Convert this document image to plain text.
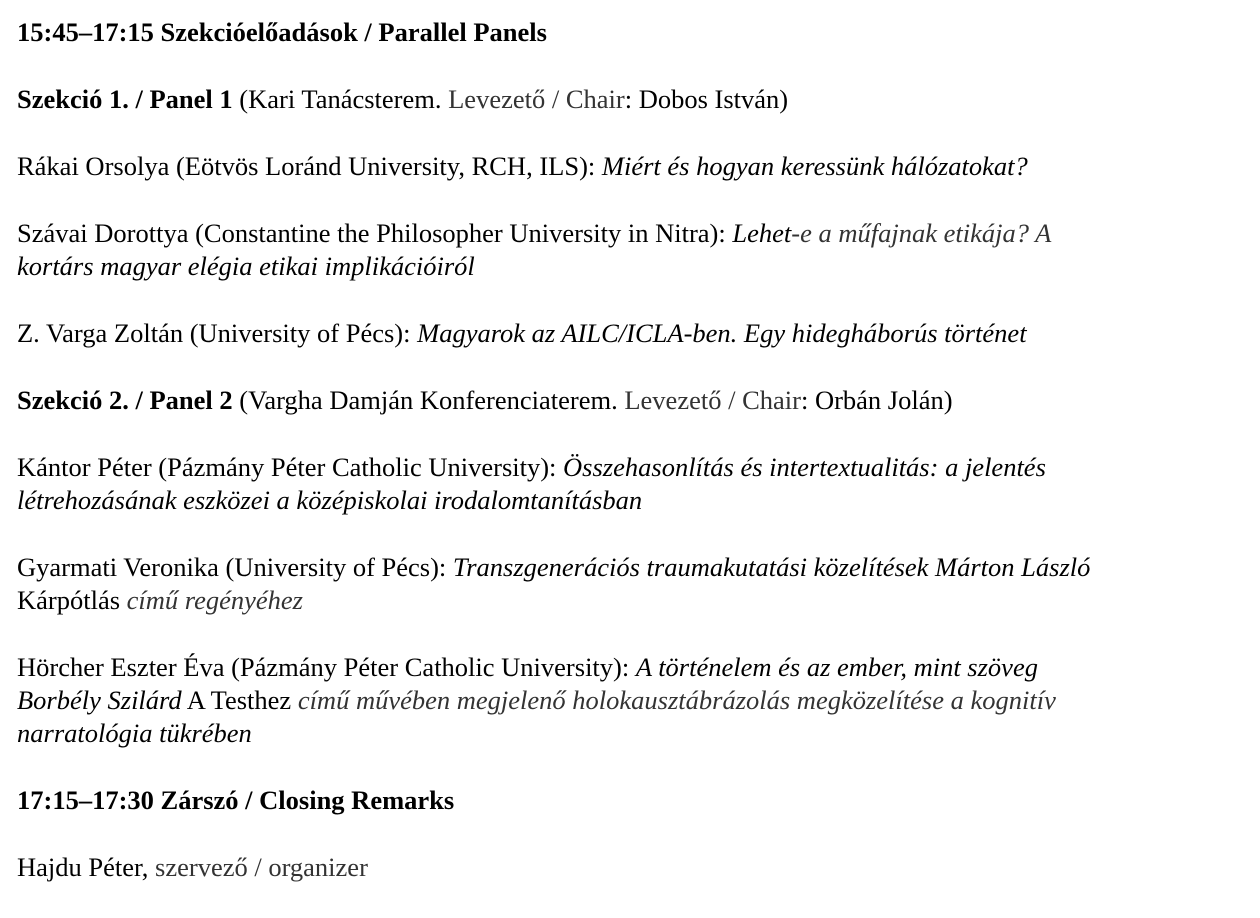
15:45–17:15 Szekcióelőadások / Parallel Panels

Szekció 1. / Panel 1 (Kari Tanácsterem. Levezető / Chair: Dobos István)

Rákai Orsolya (Eötvös Loránd University, RCH, ILS): Miért és hogyan keressünk hálózatokat?

Szávai Dorottya (Constantine the Philosopher University in Nitra): Lehet-e a műfajnak etikája? A
kortárs magyar elégia etikai implikációiról

Z. Varga Zoltán (University of Pécs): Magyarok az AILC/ICLA-ben. Egy hidegháborús történet

Szekció 2. / Panel 2 (Vargha Damján Konferenciaterem. Levezető / Chair: Orbán Jolán)

Kántor Péter (Pázmány Péter Catholic University): Összehasonlítás és intertextualitás: a jelentés
létrehozásának eszközei a középiskolai irodalomtanításban

Gyarmati Veronika (University of Pécs): Transzgenerációs traumakutatási közelítések Márton László
Kárpótlás című regényéhez

Hörcher Eszter Éva (Pázmány Péter Catholic University): A történelem és az ember, mint szöveg
Borbély Szilárd A Testhez című művében megjelenő holokausztábrázolás megközelítése a kognitív
narratológia tükrében

17:15–17:30 Zárszó / Closing Remarks

Hajdu Péter, szervező / organizer
